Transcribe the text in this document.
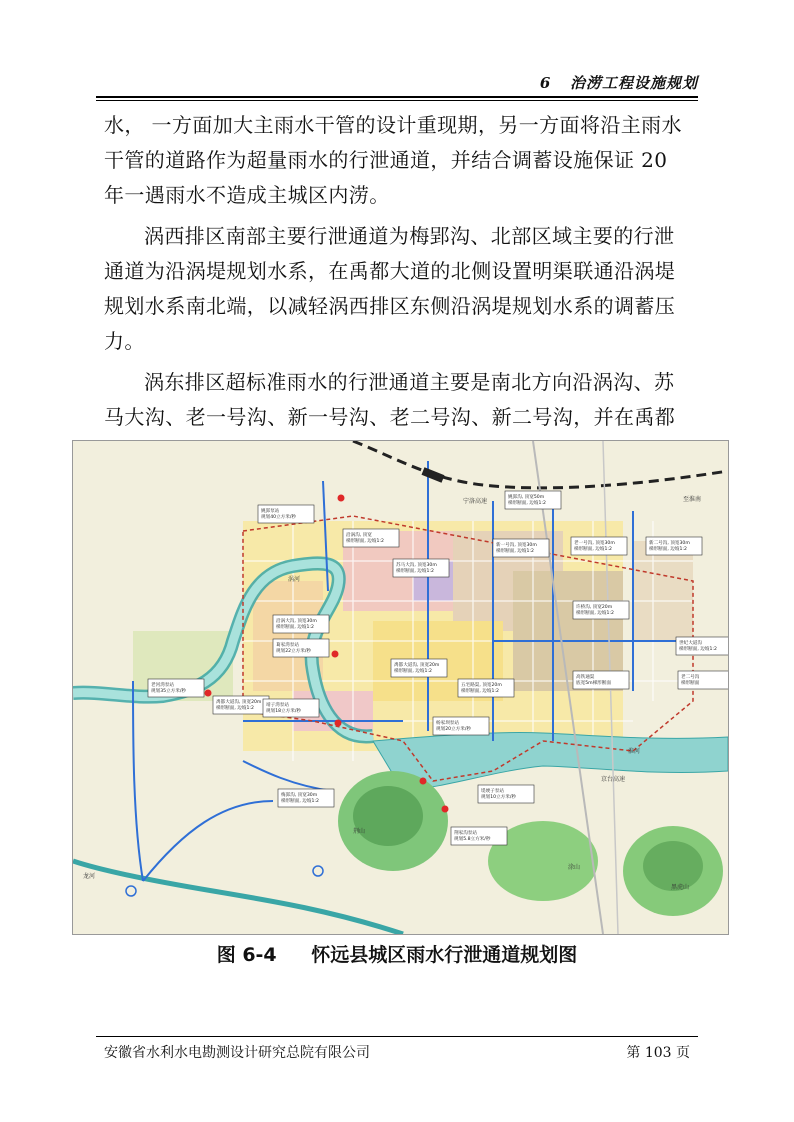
6 治涝工程设施规划

水， 一方面加大主雨水干管的设计重现期，另一方面将沿主雨水干管的道路作为超量雨水的行泄通道，并结合调蓄设施保证 20 年一遇雨水不造成主城区内涝。

涡西排区南部主要行泄通道为梅郢沟、北部区域主要的行泄通道为沿涡堤规划水系，在禹都大道的北侧设置明渠联通沿涡堤规划水系南北端，以减轻涡西排区东侧沿涡堤规划水系的调蓄压力。

涡东排区超标准雨水的行泄通道主要是南北方向沿涡沟、苏马大沟、老一号沟、新一号沟、老二号沟、新二号沟，并在禹都

姚郢泵站
规划40立方米/秒
姚郢沟, 顶宽50m
梯形断面, 边坡1:2
沿涡沟, 顶宽
梯形断面, 边坡1:2
苏马大沟, 顶宽30m
梯形断面, 边坡1:2
新一号沟, 顶宽30m
梯形断面, 边坡1:2
老一号沟, 顶宽30m
梯形断面, 边坡1:2
新二号沟, 顶宽30m
梯形断面, 边坡1:2
沿涡大沟, 顶宽30m
梯形断面, 边坡1:2
许桥沟, 顶宽20m
梯形断面, 边坡1:2
世纪大道沟
梯形断面, 边坡1:2
老二号沟
梯形断面
葛家湾泵站
规划22立方米/秒
禹都大道沟, 顶宽20m
梯形断面, 边坡1:2
五宅路渠, 顶宽20m
梯形断面, 边坡1:2
高铁通渠
底宽5m梯形断面
老河湾泵站
规划35立方米/秒
禹都大道沟, 顶宽20m
梯形断面, 边坡1:2
靖子湾泵站
规划18立方米/秒
杨家坝泵站
规划20立方米/秒
梅郢沟, 顶宽30m
梯形断面, 边坡1:2
堤埂子泵站
规划10立方米/秒
荆家沟泵站
规划5.8立方米/秒
宁洛高速
涡河
淮河
荆山
涂山
黑虎山
龙河
京台高速
至淮南
图 6-4 怀远县城区雨水行泄通道规划图
安徽省水利水电勘测设计研究总院有限公司	第 103 页
